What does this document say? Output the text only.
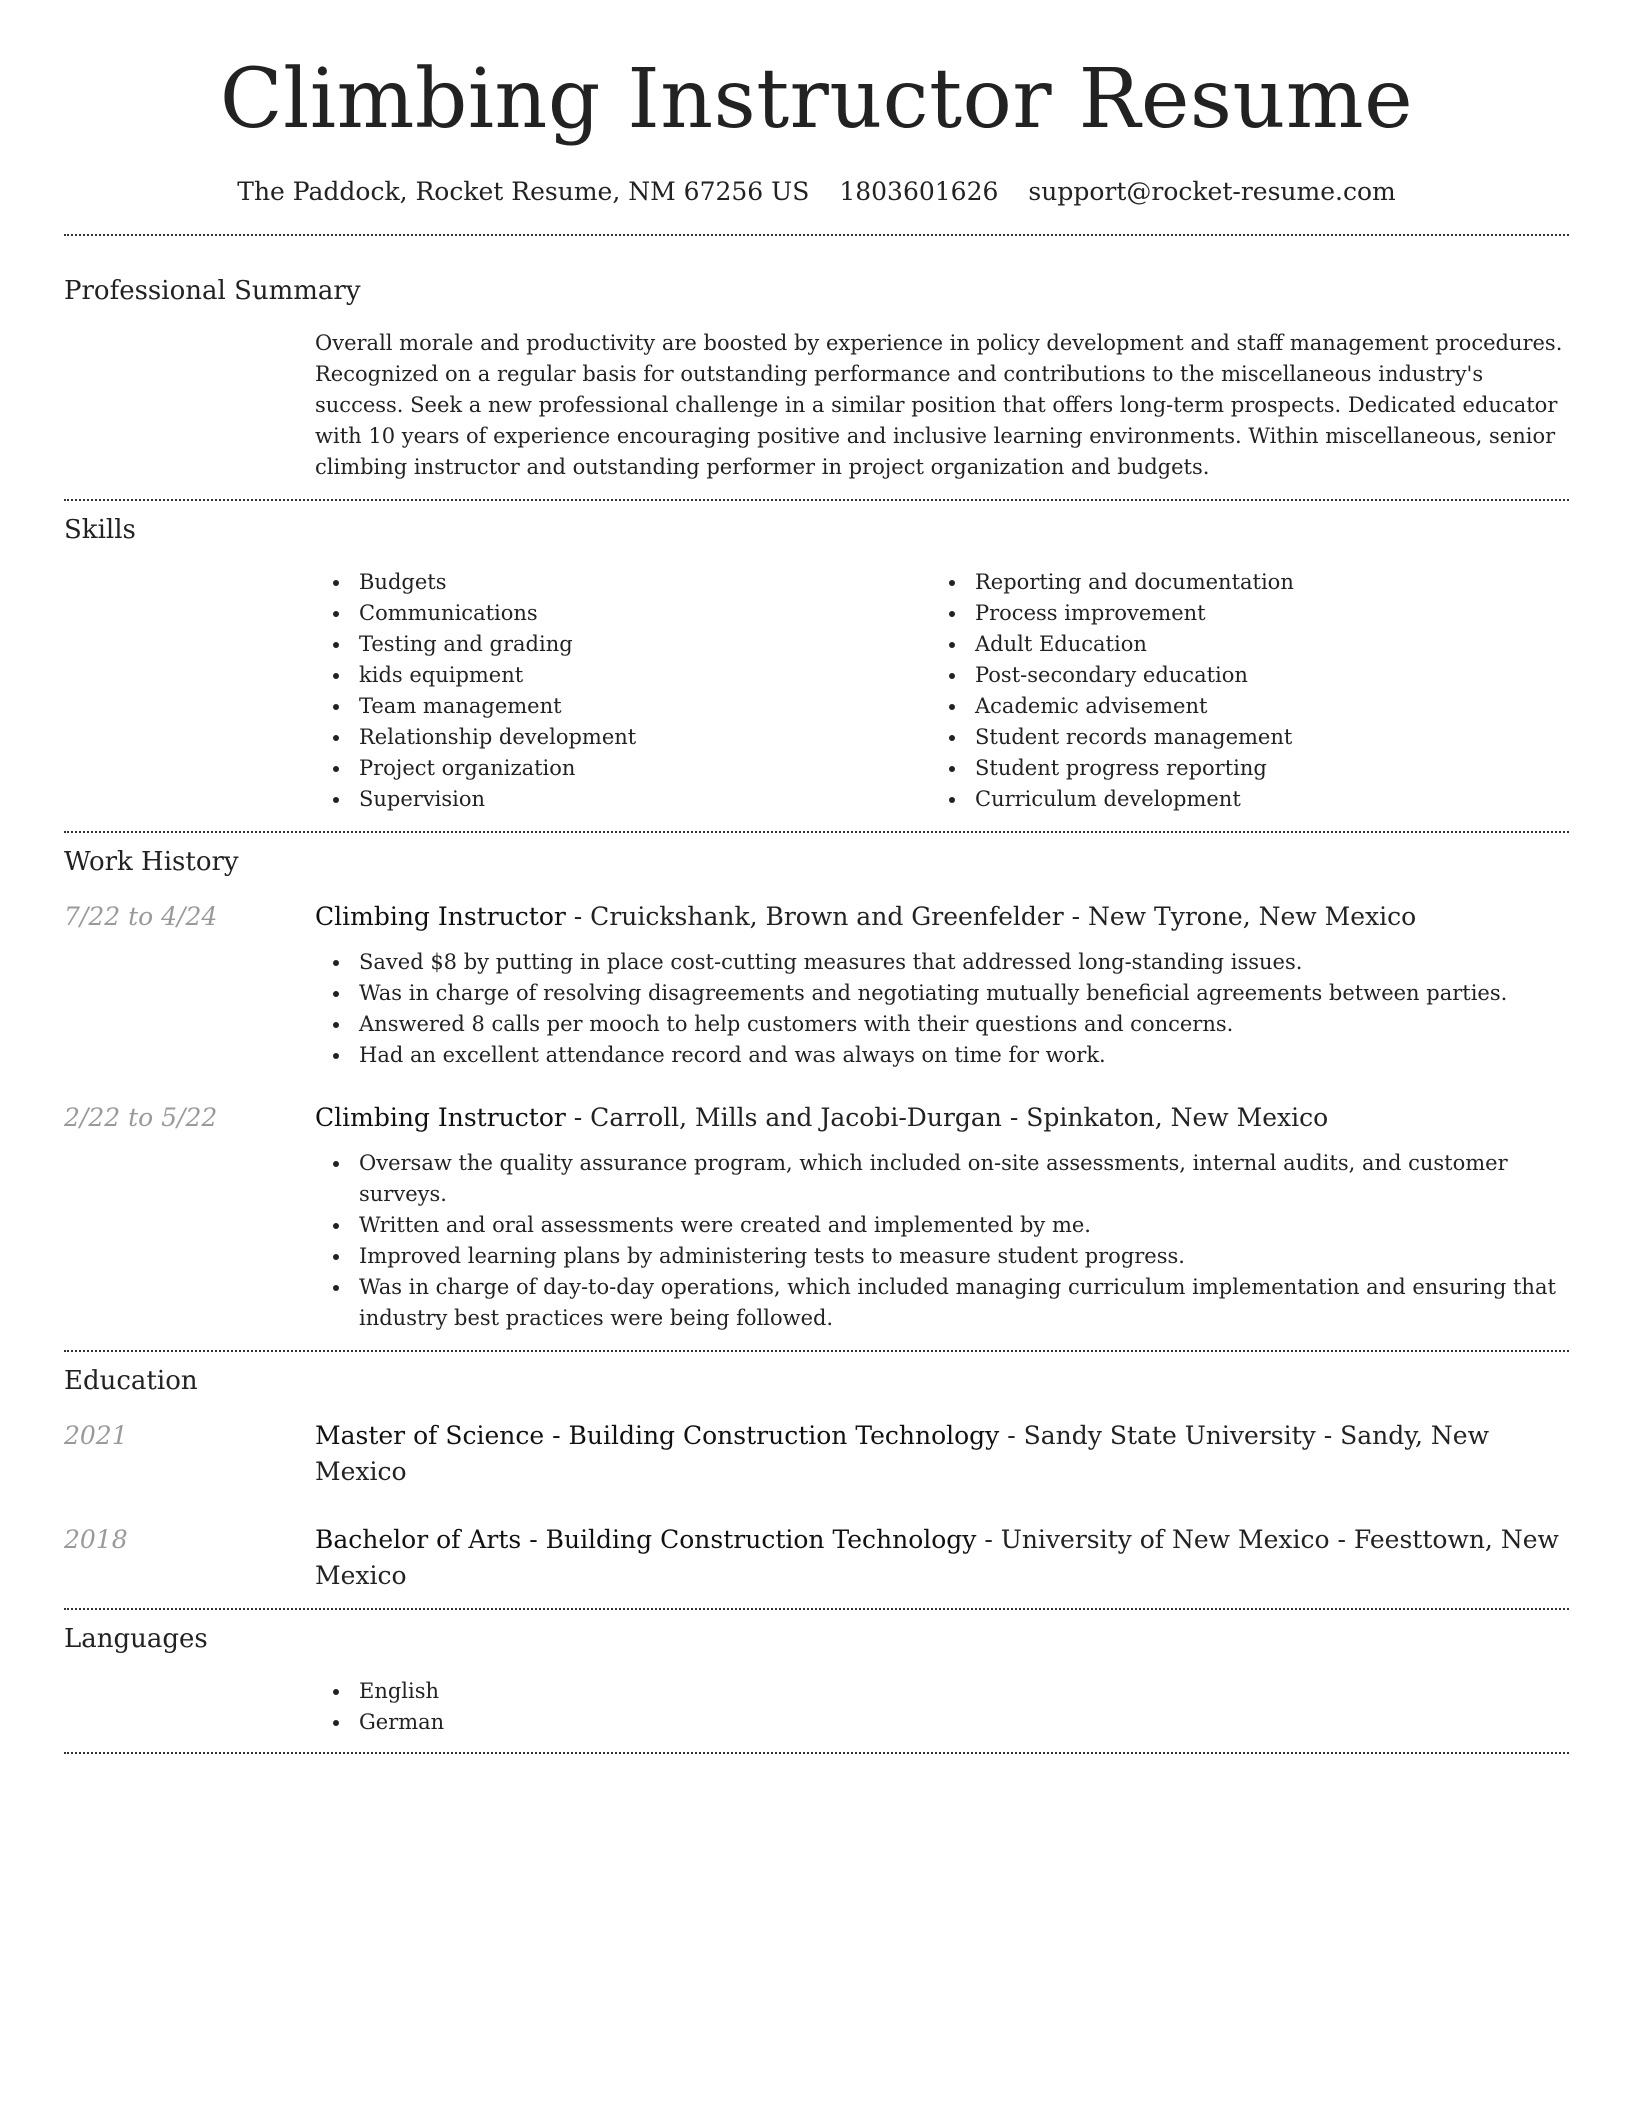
Climbing Instructor Resume
The Paddock, Rocket Resume, NM 67256 US 1803601626 support@rocket-resume.com
Professional Summary
Overall morale and productivity are boosted by experience in policy development and staff management procedures. Recognized on a regular basis for outstanding performance and contributions to the miscellaneous industry's success. Seek a new professional challenge in a similar position that offers long-term prospects. Dedicated educator with 10 years of experience encouraging positive and inclusive learning environments. Within miscellaneous, senior climbing instructor and outstanding performer in project organization and budgets.
Skills
Budgets
Communications
Testing and grading
kids equipment
Team management
Relationship development
Project organization
Supervision
Reporting and documentation
Process improvement
Adult Education
Post-secondary education
Academic advisement
Student records management
Student progress reporting
Curriculum development
Work History
7/22 to 4/24	Climbing Instructor - Cruickshank, Brown and Greenfelder - New Tyrone, New Mexico
Saved $8 by putting in place cost-cutting measures that addressed long-standing issues.
Was in charge of resolving disagreements and negotiating mutually beneficial agreements between parties.
Answered 8 calls per mooch to help customers with their questions and concerns.
Had an excellent attendance record and was always on time for work.
2/22 to 5/22	Climbing Instructor - Carroll, Mills and Jacobi-Durgan - Spinkaton, New Mexico
Oversaw the quality assurance program, which included on-site assessments, internal audits, and customer surveys.
Written and oral assessments were created and implemented by me.
Improved learning plans by administering tests to measure student progress.
Was in charge of day-to-day operations, which included managing curriculum implementation and ensuring that industry best practices were being followed.
Education
2021	Master of Science - Building Construction Technology - Sandy State University - Sandy, New Mexico
2018	Bachelor of Arts - Building Construction Technology - University of New Mexico - Feesttown, New Mexico
Languages
English
German
